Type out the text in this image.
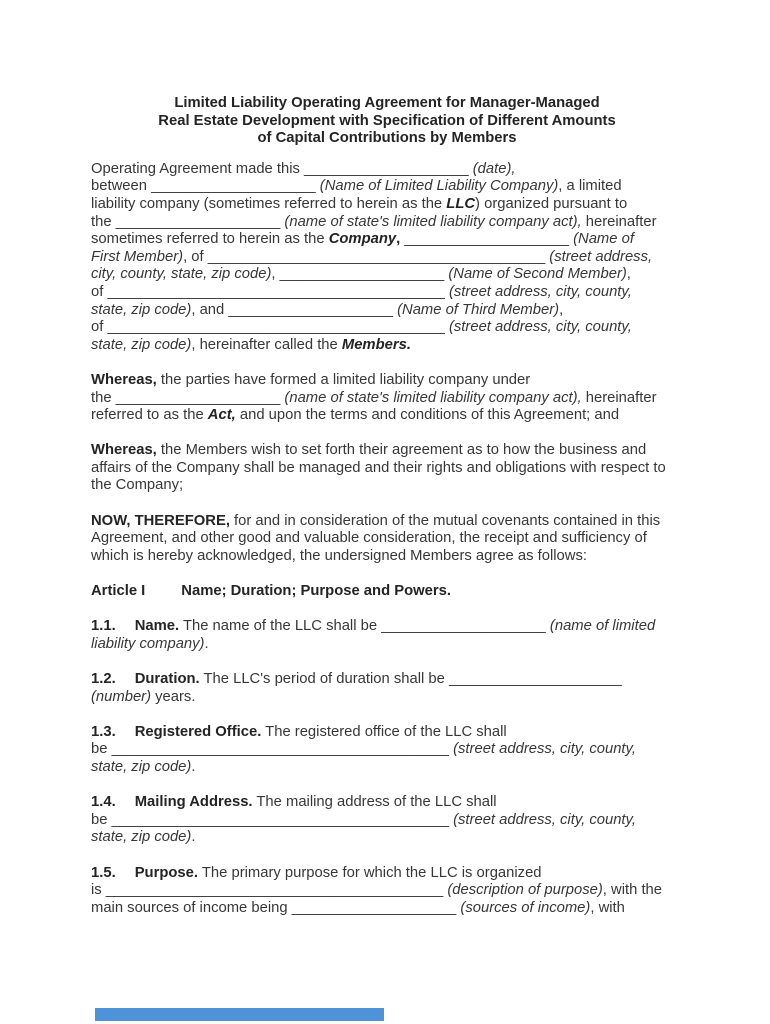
Limited Liability Operating Agreement for Manager-Managed
Real Estate Development with Specification of Different Amounts
of Capital Contributions by Members
Operating Agreement made this ____________________ (date),
between ____________________ (Name of Limited Liability Company), a limited
liability company (sometimes referred to herein as the LLC) organized pursuant to
the ____________________ (name of state's limited liability company act), hereinafter
sometimes referred to herein as the Company, ____________________ (Name of
First Member), of _________________________________________ (street address,
city, county, state, zip code), ____________________ (Name of Second Member),
of _________________________________________ (street address, city, county,
state, zip code), and ____________________ (Name of Third Member),
of _________________________________________ (street address, city, county,
state, zip code), hereinafter called the Members.
Whereas, the parties have formed a limited liability company under
the ____________________ (name of state's limited liability company act), hereinafter
referred to as the Act, and upon the terms and conditions of this Agreement; and
Whereas, the Members wish to set forth their agreement as to how the business and
affairs of the Company shall be managed and their rights and obligations with respect to
the Company;
NOW, THEREFORE, for and in consideration of the mutual covenants contained in this
Agreement, and other good and valuable consideration, the receipt and sufficiency of
which is hereby acknowledged, the undersigned Members agree as follows:
Article I Name; Duration; Purpose and Powers.
1.1. Name. The name of the LLC shall be ____________________ (name of limited
liability company).
1.2. Duration. The LLC's period of duration shall be _____________________
(number) years.
1.3. Registered Office. The registered office of the LLC shall
be _________________________________________ (street address, city, county,
state, zip code).
1.4. Mailing Address. The mailing address of the LLC shall
be _________________________________________ (street address, city, county,
state, zip code).
1.5. Purpose. The primary purpose for which the LLC is organized
is _________________________________________ (description of purpose), with the
main sources of income being ____________________ (sources of income), with
